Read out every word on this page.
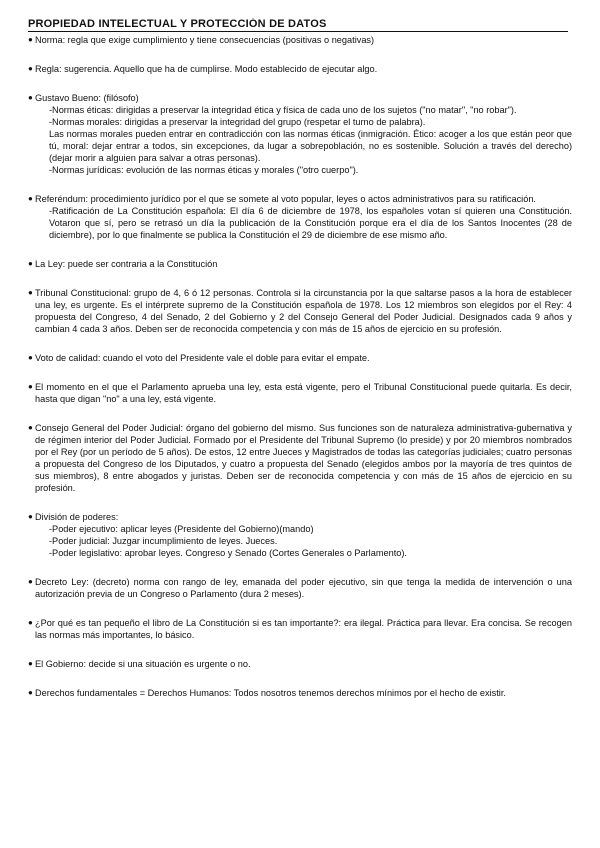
PROPIEDAD INTELECTUAL Y PROTECCIÓN DE DATOS
● Norma: regla que exige cumplimiento y tiene consecuencias (positivas o negativas)
● Regla: sugerencia. Aquello que ha de cumplirse. Modo establecido de ejecutar algo.
● Gustavo Bueno: (filósofo)
-Normas éticas: dirigidas a preservar la integridad ética y física de cada uno de los sujetos ("no matar", "no robar").
-Normas morales: dirigidas a preservar la integridad del grupo (respetar el turno de palabra).
Las normas morales pueden entrar en contradicción con las normas éticas (inmigración. Ético: acoger a los que están peor que tú, moral: dejar entrar a todos, sin excepciones, da lugar a sobrepoblación, no es sostenible. Solución a través del derecho)(dejar morir a alguien para salvar a otras personas).
-Normas jurídicas: evolución de las normas éticas y morales ("otro cuerpo").
● Referéndum: procedimiento jurídico por el que se somete al voto popular, leyes o actos administrativos para su ratificación.
-Ratificación de La Constitución española: El día 6 de diciembre de 1978, los españoles votan sí quieren una Constitución. Votaron que sí, pero se retrasó un día la publicación de la Constitución porque era el día de los Santos Inocentes (28 de diciembre), por lo que finalmente se publica la Constitución el 29 de diciembre de ese mismo año.
● La Ley: puede ser contraria a la Constitución
● Tribunal Constitucional: grupo de 4, 6 ó 12 personas. Controla si la circunstancia por la que saltarse pasos a la hora de establecer una ley, es urgente. Es el intérprete supremo de la Constitución española de 1978. Los 12 miembros son elegidos por el Rey: 4 propuesta del Congreso, 4 del Senado, 2 del Gobierno y 2 del Consejo General del Poder Judicial. Designados cada 9 años y cambian 4 cada 3 años. Deben ser de reconocida competencia y con más de 15 años de ejercicio en su profesión.
● Voto de calidad: cuando el voto del Presidente vale el doble para evitar el empate.
● El momento en el que el Parlamento aprueba una ley, esta está vigente, pero el Tribunal Constitucional puede quitarla. Es decir, hasta que digan "no" a una ley, está vigente.
● Consejo General del Poder Judicial: órgano del gobierno del mismo. Sus funciones son de naturaleza administrativa-gubernativa y de régimen interior del Poder Judicial. Formado por el Presidente del Tribunal Supremo (lo preside) y por 20 miembros nombrados por el Rey (por un período de 5 años). De estos, 12 entre Jueces y Magistrados de todas las categorías judiciales; cuatro personas a propuesta del Congreso de los Diputados, y cuatro a propuesta del Senado (elegidos ambos por la mayoría de tres quintos de sus miembros), 8 entre abogados y juristas. Deben ser de reconocida competencia y con más de 15 años de ejercicio en su profesión.
● División de poderes:
-Poder ejecutivo: aplicar leyes (Presidente del Gobierno)(mando)
-Poder judicial: Juzgar incumplimiento de leyes. Jueces.
-Poder legislativo: aprobar leyes. Congreso y Senado (Cortes Generales o Parlamento).
● Decreto Ley: (decreto) norma con rango de ley, emanada del poder ejecutivo, sin que tenga la medida de intervención o una autorización previa de un Congreso o Parlamento (dura 2 meses).
● ¿Por qué es tan pequeño el libro de La Constitución si es tan importante?: era ilegal. Práctica para llevar. Era concisa. Se recogen las normas más importantes, lo básico.
● El Gobierno: decide si una situación es urgente o no.
● Derechos fundamentales = Derechos Humanos: Todos nosotros tenemos derechos mínimos por el hecho de existir.
